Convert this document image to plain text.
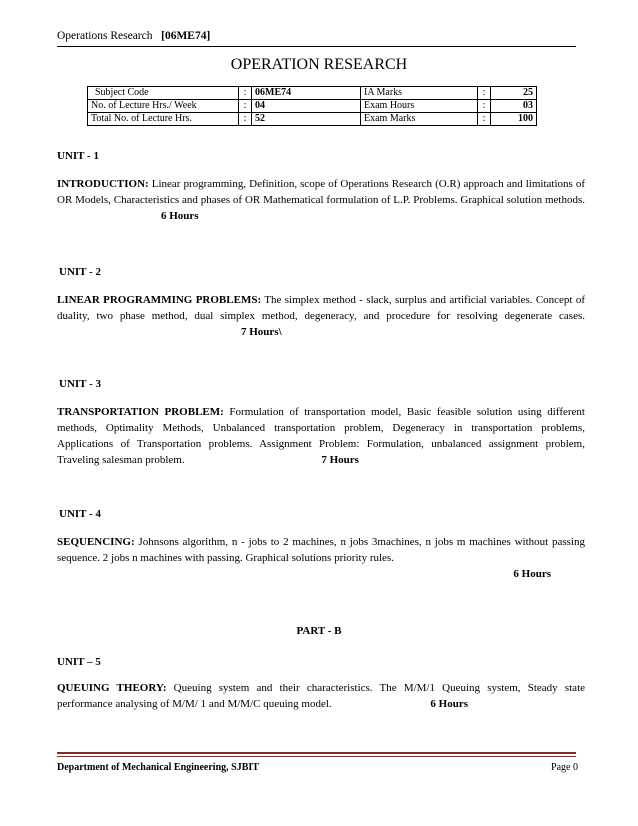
Operations Research [06ME74]
OPERATION RESEARCH
Subject Code	:	06ME74	IA Marks	:	25
No. of Lecture Hrs./ Week	:	04	Exam Hours	:	03
Total No. of Lecture Hrs.	:	52	Exam Marks	:	100
UNIT - 1
INTRODUCTION: Linear programming, Definition, scope of Operations Research (O.R) approach and limitations of OR Models, Characteristics and phases of OR Mathematical formulation of L.P. Problems. Graphical solution methods. 6 Hours
UNIT - 2
LINEAR PROGRAMMING PROBLEMS: The simplex method - slack, surplus and artificial variables. Concept of duality, two phase method, dual simplex method, degeneracy, and procedure for resolving degenerate cases. 7 Hours\
UNIT - 3
TRANSPORTATION PROBLEM: Formulation of transportation model, Basic feasible solution using different methods, Optimality Methods, Unbalanced transportation problem, Degeneracy in transportation problems, Applications of Transportation problems. Assignment Problem: Formulation, unbalanced assignment problem, Traveling salesman problem.	7 Hours
UNIT - 4
SEQUENCING: Johnsons algorithm, n - jobs to 2 machines, n jobs 3machines, n jobs m machines without passing sequence. 2 jobs n machines with passing. Graphical solutions priority rules.
6 Hours
PART - B
UNIT – 5
QUEUING THEORY: Queuing system and their characteristics. The M/M/1 Queuing system, Steady state performance analysing of M/M/ 1 and M/M/C queuing model.	6 Hours
Department of Mechanical Engineering, SJBIT	Page 0
